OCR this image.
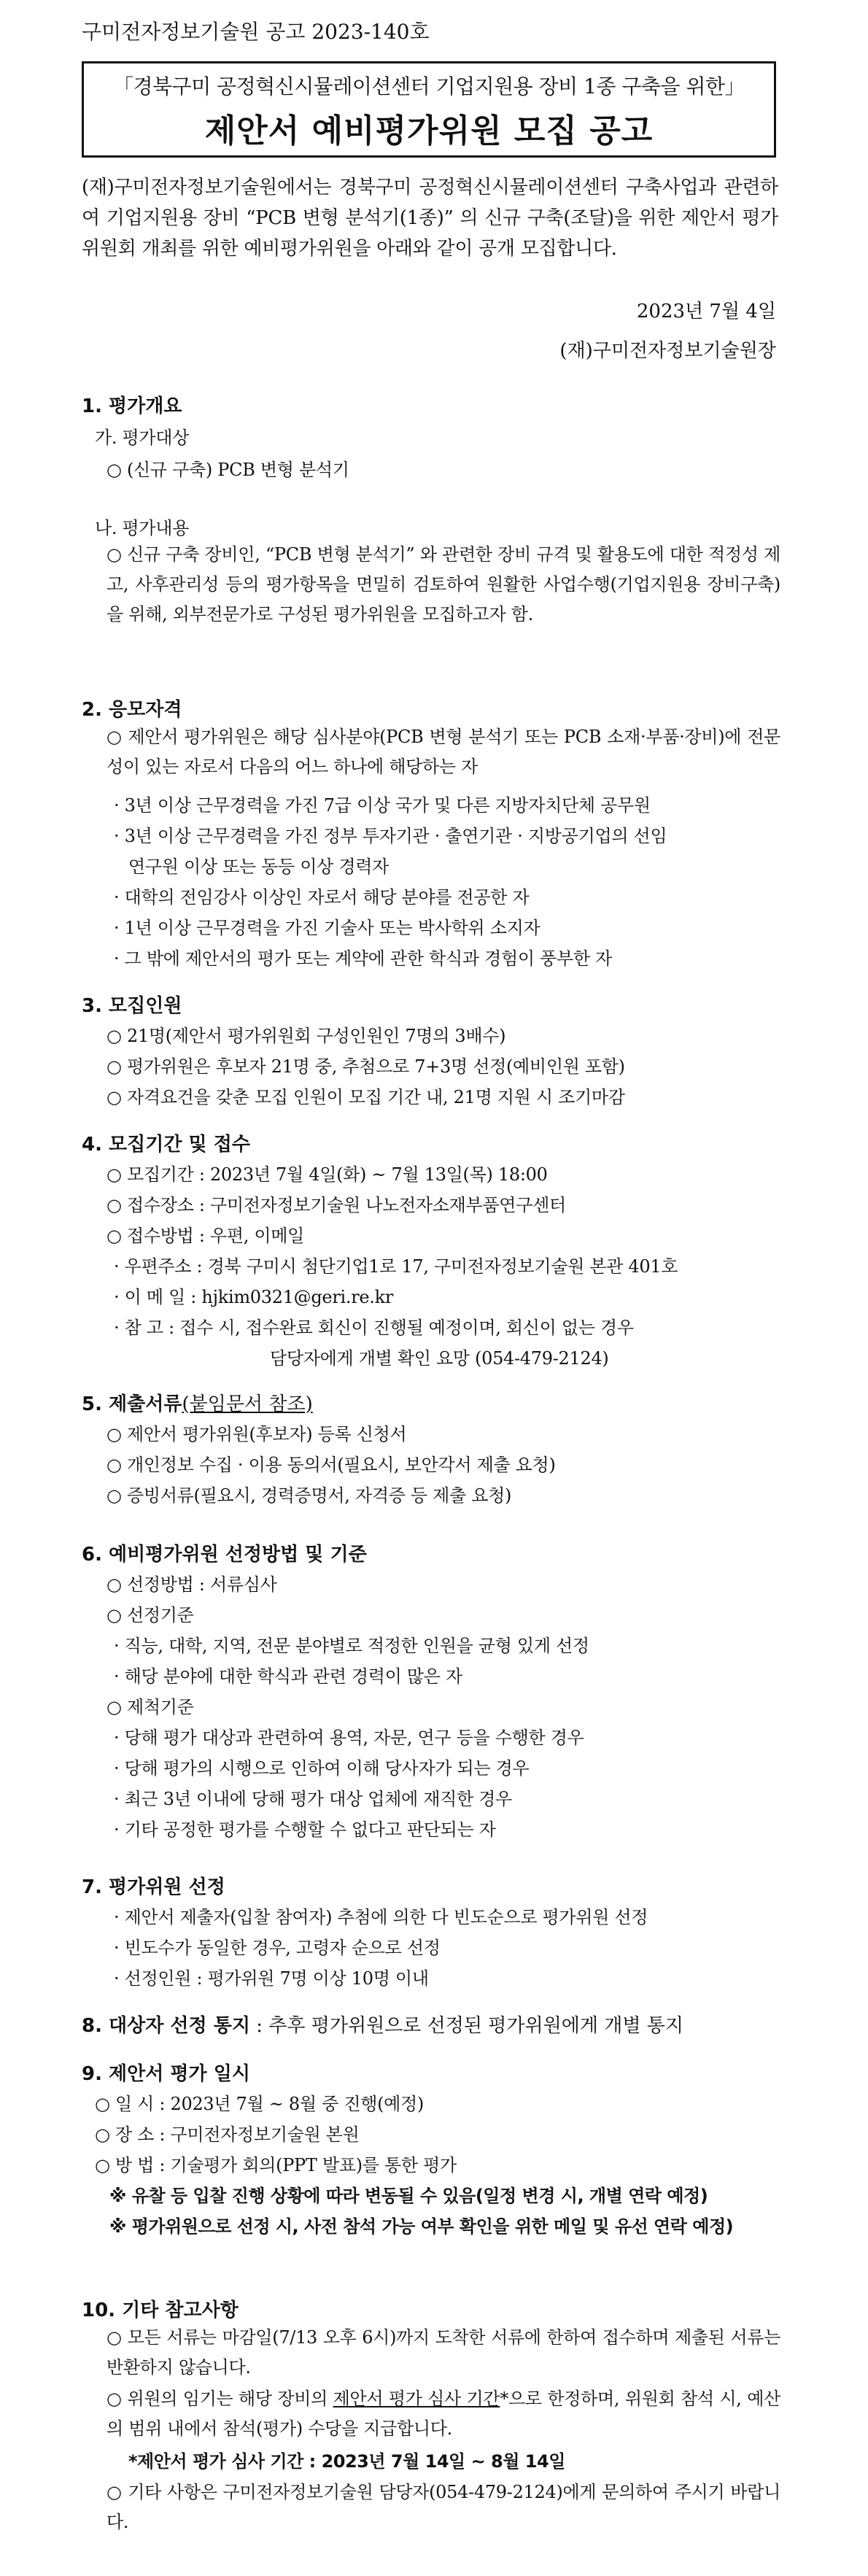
구미전자정보기술원 공고 2023-140호
「경북구미 공정혁신시뮬레이션센터 기업지원용 장비 1종 구축을 위한」
제안서 예비평가위원 모집 공고
(재)구미전자정보기술원에서는 경북구미 공정혁신시뮬레이션센터 구축사업과 관련하여 기업지원용 장비 “PCB 변형 분석기(1종)” 의 신규 구축(조달)을 위한 제안서 평가위원회 개최를 위한 예비평가위원을 아래와 같이 공개 모집합니다.
2023년 7월 4일
(재)구미전자정보기술원장
1. 평가개요
가. 평가대상
○ (신규 구축) PCB 변형 분석기
나. 평가내용
○ 신규 구축 장비인, “PCB 변형 분석기” 와 관련한 장비 규격 및 활용도에 대한 적정성 제고, 사후관리성 등의 평가항목을 면밀히 검토하여 원활한 사업수행(기업지원용 장비구축)을 위해, 외부전문가로 구성된 평가위원을 모집하고자 함.
2. 응모자격
○ 제안서 평가위원은 해당 심사분야(PCB 변형 분석기 또는 PCB 소재·부품·장비)에 전문성이 있는 자로서 다음의 어느 하나에 해당하는 자
· 3년 이상 근무경력을 가진 7급 이상 국가 및 다른 지방자치단체 공무원
· 3년 이상 근무경력을 가진 정부 투자기관 · 출연기관 · 지방공기업의 선임
연구원 이상 또는 동등 이상 경력자
· 대학의 전임강사 이상인 자로서 해당 분야를 전공한 자
· 1년 이상 근무경력을 가진 기술사 또는 박사학위 소지자
· 그 밖에 제안서의 평가 또는 계약에 관한 학식과 경험이 풍부한 자
3. 모집인원
○ 21명(제안서 평가위원회 구성인원인 7명의 3배수)
○ 평가위원은 후보자 21명 중, 추첨으로 7+3명 선정(예비인원 포함)
○ 자격요건을 갖춘 모집 인원이 모집 기간 내, 21명 지원 시 조기마감
4. 모집기간 및 접수
○ 모집기간 : 2023년 7월 4일(화) ~ 7월 13일(목) 18:00
○ 접수장소 : 구미전자정보기술원 나노전자소재부품연구센터
○ 접수방법 : 우편, 이메일
· 우편주소 : 경북 구미시 첨단기업1로 17, 구미전자정보기술원 본관 401호
· 이 메 일 : hjkim0321@geri.re.kr
· 참 고 : 접수 시, 접수완료 회신이 진행될 예정이며, 회신이 없는 경우
담당자에게 개별 확인 요망 (054-479-2124)
5. 제출서류(붙임문서 참조)
○ 제안서 평가위원(후보자) 등록 신청서
○ 개인정보 수집 · 이용 동의서(필요시, 보안각서 제출 요청)
○ 증빙서류(필요시, 경력증명서, 자격증 등 제출 요청)
6. 예비평가위원 선정방법 및 기준
○ 선정방법 : 서류심사
○ 선정기준
· 직능, 대학, 지역, 전문 분야별로 적정한 인원을 균형 있게 선정
· 해당 분야에 대한 학식과 관련 경력이 많은 자
○ 제척기준
· 당해 평가 대상과 관련하여 용역, 자문, 연구 등을 수행한 경우
· 당해 평가의 시행으로 인하여 이해 당사자가 되는 경우
· 최근 3년 이내에 당해 평가 대상 업체에 재직한 경우
· 기타 공정한 평가를 수행할 수 없다고 판단되는 자
7. 평가위원 선정
· 제안서 제출자(입찰 참여자) 추첨에 의한 다 빈도순으로 평가위원 선정
· 빈도수가 동일한 경우, 고령자 순으로 선정
· 선정인원 : 평가위원 7명 이상 10명 이내
8. 대상자 선정 통지 : 추후 평가위원으로 선정된 평가위원에게 개별 통지
9. 제안서 평가 일시
○ 일 시 : 2023년 7월 ~ 8월 중 진행(예정)
○ 장 소 : 구미전자정보기술원 본원
○ 방 법 : 기술평가 회의(PPT 발표)를 통한 평가
※ 유찰 등 입찰 진행 상황에 따라 변동될 수 있음(일정 변경 시, 개별 연락 예정)
※ 평가위원으로 선정 시, 사전 참석 가능 여부 확인을 위한 메일 및 유선 연락 예정)
10. 기타 참고사항
○ 모든 서류는 마감일(7/13 오후 6시)까지 도착한 서류에 한하여 접수하며 제출된 서류는 반환하지 않습니다.
○ 위원의 임기는 해당 장비의 제안서 평가 심사 기간*으로 한정하며, 위원회 참석 시, 예산의 범위 내에서 참석(평가) 수당을 지급합니다.
*제안서 평가 심사 기간 : 2023년 7월 14일 ~ 8월 14일
○ 기타 사항은 구미전자정보기술원 담당자(054-479-2124)에게 문의하여 주시기 바랍니다.
